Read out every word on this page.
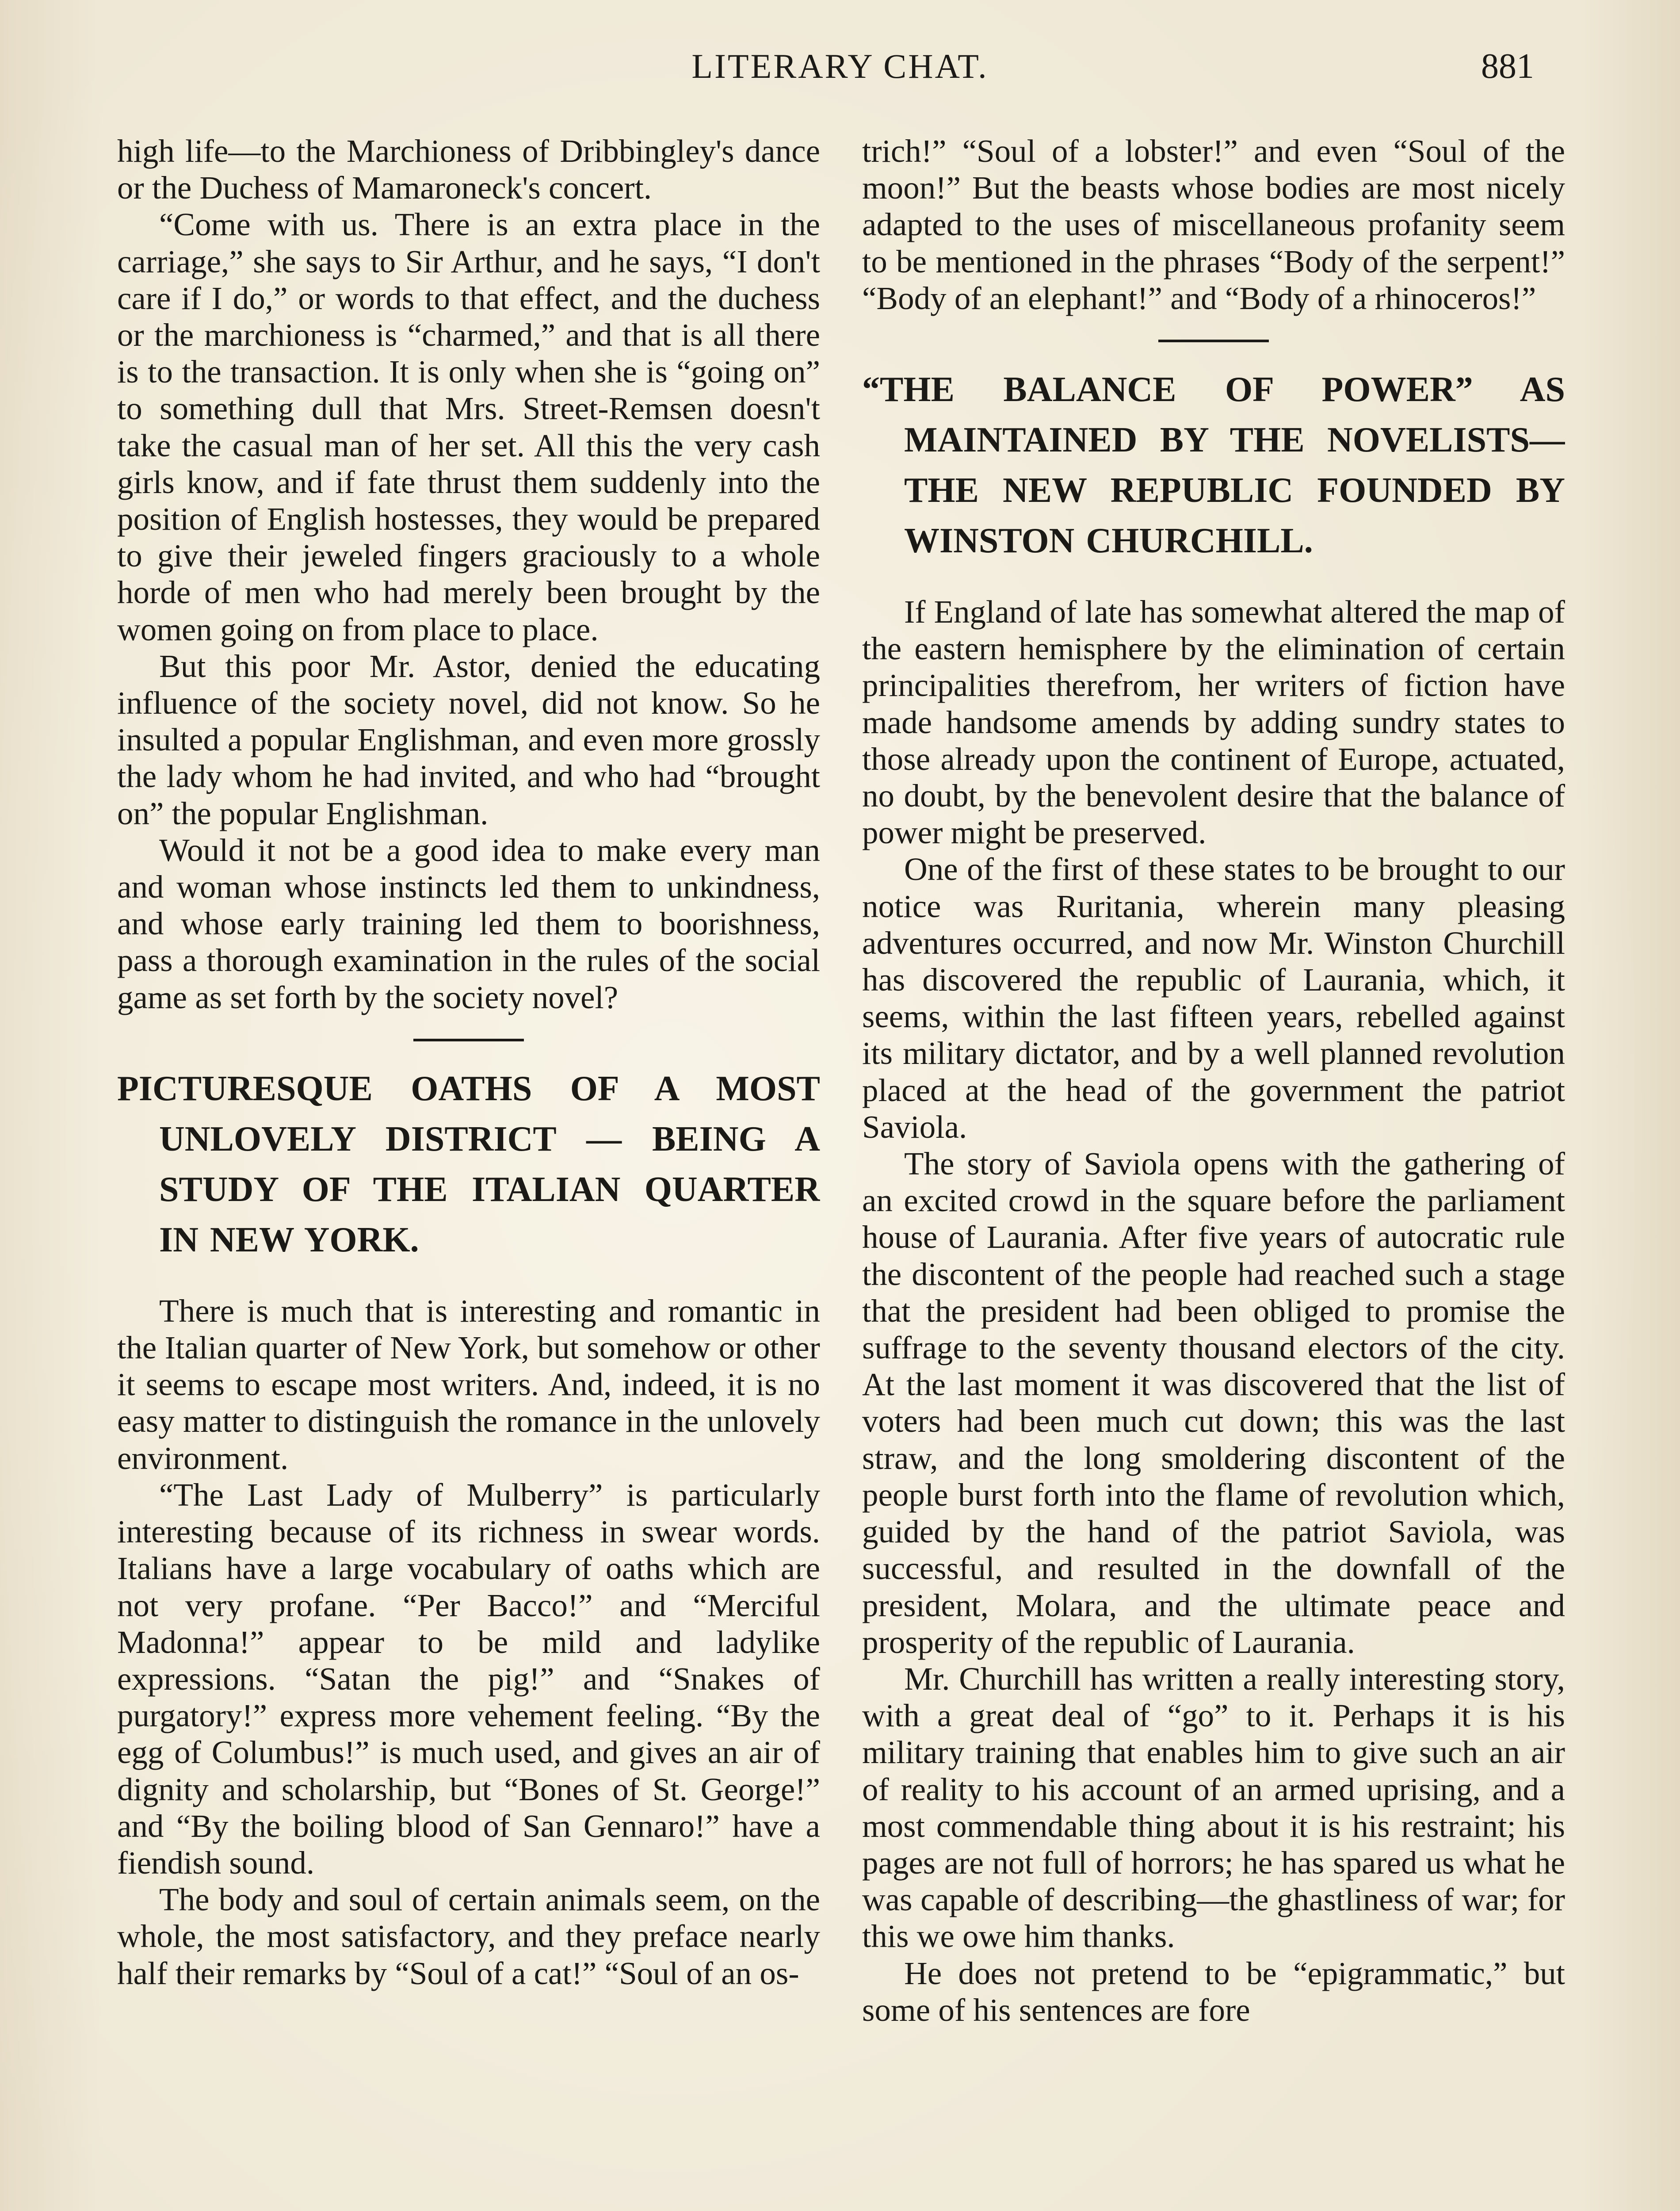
LITERARY CHAT.	881

high life—to the Marchioness of Dribbingley's dance or the Duchess of Mamaroneck's concert.

“Come with us. There is an extra place in the carriage,” she says to Sir Arthur, and he says, “I don't care if I do,” or words to that effect, and the duchess or the marchioness is “charmed,” and that is all there is to the transaction. It is only when she is “going on” to something dull that Mrs. Street-Remsen doesn't take the casual man of her set. All this the very cash girls know, and if fate thrust them suddenly into the position of English hostesses, they would be prepared to give their jeweled fingers graciously to a whole horde of men who had merely been brought by the women going on from place to place.

But this poor Mr. Astor, denied the educating influence of the society novel, did not know. So he insulted a popular Englishman, and even more grossly the lady whom he had invited, and who had “brought on” the popular Englishman.

Would it not be a good idea to make every man and woman whose instincts led them to unkindness, and whose early training led them to boorishness, pass a thorough examination in the rules of the social game as set forth by the society novel?

PICTURESQUE OATHS OF A MOST UNLOVELY DISTRICT — BEING A STUDY OF THE ITALIAN QUARTER IN NEW YORK.

There is much that is interesting and romantic in the Italian quarter of New York, but somehow or other it seems to escape most writers. And, indeed, it is no easy matter to distinguish the romance in the unlovely environment.

“The Last Lady of Mulberry” is particularly interesting because of its richness in swear words. Italians have a large vocabulary of oaths which are not very profane. “Per Bacco!” and “Merciful Madonna!” appear to be mild and ladylike expressions. “Satan the pig!” and “Snakes of purgatory!” express more vehement feeling. “By the egg of Columbus!” is much used, and gives an air of dignity and scholarship, but “Bones of St. George!” and “By the boiling blood of San Gennaro!” have a fiendish sound.

The body and soul of certain animals seem, on the whole, the most satisfactory, and they preface nearly half their remarks by “Soul of a cat!” “Soul of an os-

trich!” “Soul of a lobster!” and even “Soul of the moon!” But the beasts whose bodies are most nicely adapted to the uses of miscellaneous profanity seem to be mentioned in the phrases “Body of the serpent!” “Body of an elephant!” and “Body of a rhinoceros!”

“THE BALANCE OF POWER” AS MAINTAINED BY THE NOVELISTS— THE NEW REPUBLIC FOUNDED BY WINSTON CHURCHILL.

If England of late has somewhat altered the map of the eastern hemisphere by the elimination of certain principalities therefrom, her writers of fiction have made handsome amends by adding sundry states to those already upon the continent of Europe, actuated, no doubt, by the benevolent desire that the balance of power might be preserved.

One of the first of these states to be brought to our notice was Ruritania, wherein many pleasing adventures occurred, and now Mr. Winston Churchill has discovered the republic of Laurania, which, it seems, within the last fifteen years, rebelled against its military dictator, and by a well planned revolution placed at the head of the government the patriot Saviola.

The story of Saviola opens with the gathering of an excited crowd in the square before the parliament house of Laurania. After five years of autocratic rule the discontent of the people had reached such a stage that the president had been obliged to promise the suffrage to the seventy thousand electors of the city. At the last moment it was discovered that the list of voters had been much cut down; this was the last straw, and the long smoldering discontent of the people burst forth into the flame of revolution which, guided by the hand of the patriot Saviola, was successful, and resulted in the downfall of the president, Molara, and the ultimate peace and prosperity of the republic of Laurania.

Mr. Churchill has written a really interesting story, with a great deal of “go” to it. Perhaps it is his military training that enables him to give such an air of reality to his account of an armed uprising, and a most commendable thing about it is his restraint; his pages are not full of horrors; he has spared us what he was capable of describing—the ghastliness of war; for this we owe him thanks.

He does not pretend to be “epigrammatic,” but some of his sentences are fore
